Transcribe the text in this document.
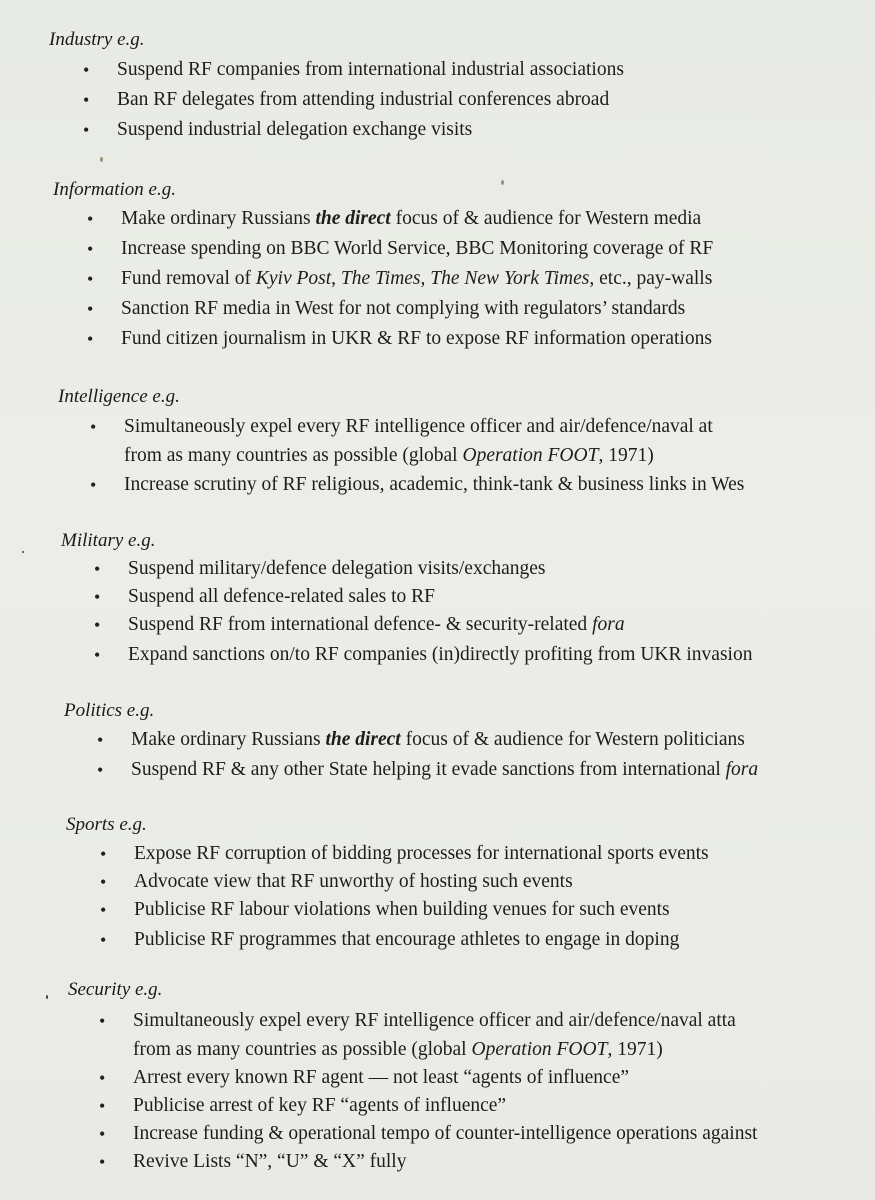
Industry e.g.
• Suspend RF companies from international industrial associations
• Ban RF delegates from attending industrial conferences abroad
• Suspend industrial delegation exchange visits
Information e.g.
• Make ordinary Russians the direct focus of & audience for Western media
• Increase spending on BBC World Service, BBC Monitoring coverage of RF
• Fund removal of Kyiv Post, The Times, The New York Times, etc., pay-walls
• Sanction RF media in West for not complying with regulators’ standards
• Fund citizen journalism in UKR & RF to expose RF information operations
Intelligence e.g.
• Simultaneously expel every RF intelligence officer and air/defence/naval at
from as many countries as possible (global Operation FOOT, 1971)
• Increase scrutiny of RF religious, academic, think-tank & business links in Wes
Military e.g.
• Suspend military/defence delegation visits/exchanges
• Suspend all defence-related sales to RF
• Suspend RF from international defence- & security-related fora
• Expand sanctions on/to RF companies (in)directly profiting from UKR invasion
Politics e.g.
• Make ordinary Russians the direct focus of & audience for Western politicians
• Suspend RF & any other State helping it evade sanctions from international fora
Sports e.g.
• Expose RF corruption of bidding processes for international sports events
• Advocate view that RF unworthy of hosting such events
• Publicise RF labour violations when building venues for such events
• Publicise RF programmes that encourage athletes to engage in doping
Security e.g.
• Simultaneously expel every RF intelligence officer and air/defence/naval atta
from as many countries as possible (global Operation FOOT, 1971)
• Arrest every known RF agent — not least “agents of influence”
• Publicise arrest of key RF “agents of influence”
• Increase funding & operational tempo of counter-intelligence operations against
• Revive Lists “N”, “U” & “X” fully
